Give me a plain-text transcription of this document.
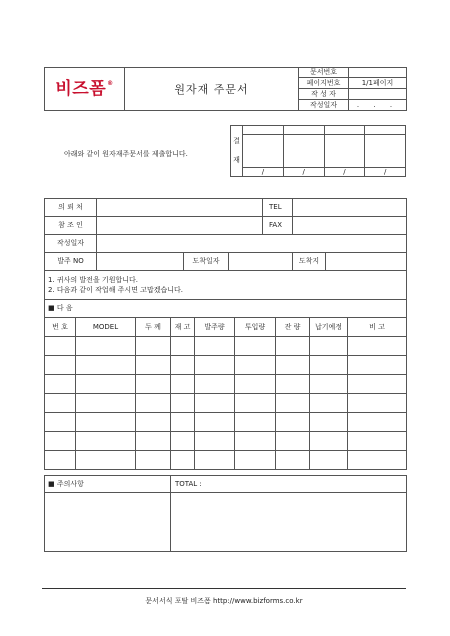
비즈폼®	원자재 주문서	문서번호	
		페이지번호	1/1페이지
		작 성 자	
		작성일자	. . .
아래와 같이 원자재주문서를 제출합니다.
결
재				

	/	/	/	/
의 뢰 처				TEL		
참 조 인				FAX		
작성일자						
발주 NO		도착일자			도착지	
1. 귀사의 발전을 기원합니다.
2. 다음과 같이 작업해 주시면 고맙겠습니다.								

■ 다 음								
번 호	MODEL	두 께	재 고	발주량	투입량	잔 량	납기예정	비 고

■ 주의사항	TOTAL :

문서서식 포탈 비즈폼 http://www.bizforms.co.kr
